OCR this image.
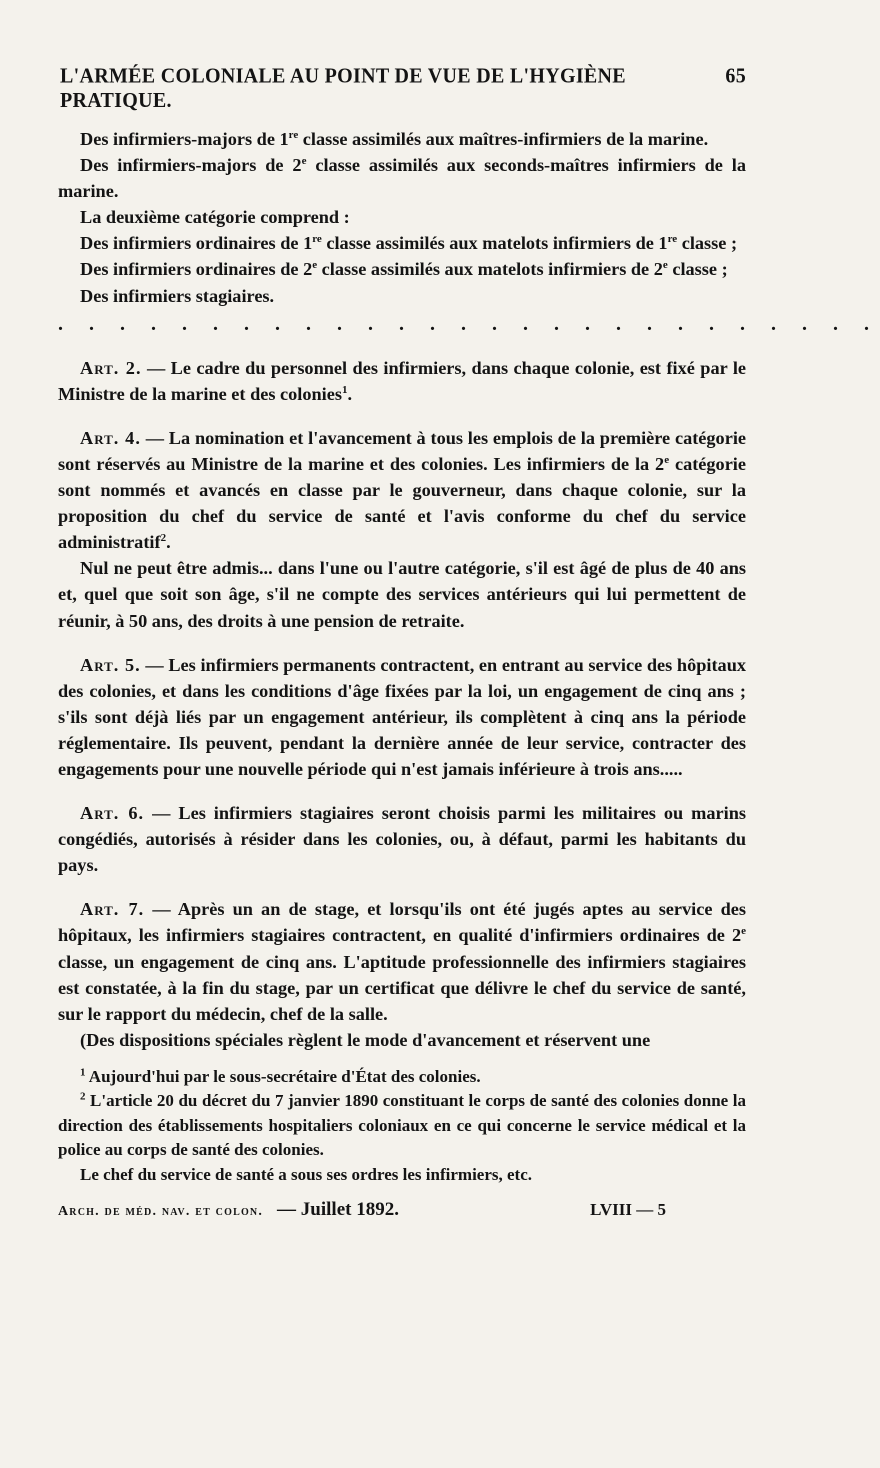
L'ARMÉE COLONIALE AU POINT DE VUE DE L'HYGIÈNE PRATIQUE.
65

Des infirmiers-majors de 1re classe assimilés aux maîtres-infirmiers de la marine.

Des infirmiers-majors de 2e classe assimilés aux seconds-maîtres infirmiers de la marine.

La deuxième catégorie comprend :

Des infirmiers ordinaires de 1re classe assimilés aux matelots infirmiers de 1re classe ;

Des infirmiers ordinaires de 2e classe assimilés aux matelots infirmiers de 2e classe ;

Des infirmiers stagiaires.

. . . . . . . . . . . . . . . . . . . . . . . . . . .

Art. 2. — Le cadre du personnel des infirmiers, dans chaque colonie, est fixé par le Ministre de la marine et des colonies$^1$.

Art. 4. — La nomination et l'avancement à tous les emplois de la première catégorie sont réservés au Ministre de la marine et des colonies. Les infirmiers de la 2e catégorie sont nommés et avancés en classe par le gouverneur, dans chaque colonie, sur la proposition du chef du service de santé et l'avis conforme du chef du service administratif$^2$.

Nul ne peut être admis... dans l'une ou l'autre catégorie, s'il est âgé de plus de 40 ans et, quel que soit son âge, s'il ne compte des services antérieurs qui lui permettent de réunir, à 50 ans, des droits à une pension de retraite.

Art. 5. — Les infirmiers permanents contractent, en entrant au service des hôpitaux des colonies, et dans les conditions d'âge fixées par la loi, un engagement de cinq ans ; s'ils sont déjà liés par un engagement antérieur, ils complètent à cinq ans la période réglementaire. Ils peuvent, pendant la dernière année de leur service, contracter des engagements pour une nouvelle période qui n'est jamais inférieure à trois ans.....

Art. 6. — Les infirmiers stagiaires seront choisis parmi les militaires ou marins congédiés, autorisés à résider dans les colonies, ou, à défaut, parmi les habitants du pays.

Art. 7. — Après un an de stage, et lorsqu'ils ont été jugés aptes au service des hôpitaux, les infirmiers stagiaires contractent, en qualité d'infirmiers ordinaires de 2e classe, un engagement de cinq ans. L'aptitude professionnelle des infirmiers stagiaires est constatée, à la fin du stage, par un certificat que délivre le chef du service de santé, sur le rapport du médecin, chef de la salle.

(Des dispositions spéciales règlent le mode d'avancement et réservent une

$^1$ Aujourd'hui par le sous-secrétaire d'État des colonies.

$^2$ L'article 20 du décret du 7 janvier 1890 constituant le corps de santé des colonies donne la direction des établissements hospitaliers coloniaux en ce qui concerne le service médical et la police au corps de santé des colonies.

Le chef du service de santé a sous ses ordres les infirmiers, etc.

Arch. de méd. nav. et colon. — Juillet 1892.	LVIII — 5
